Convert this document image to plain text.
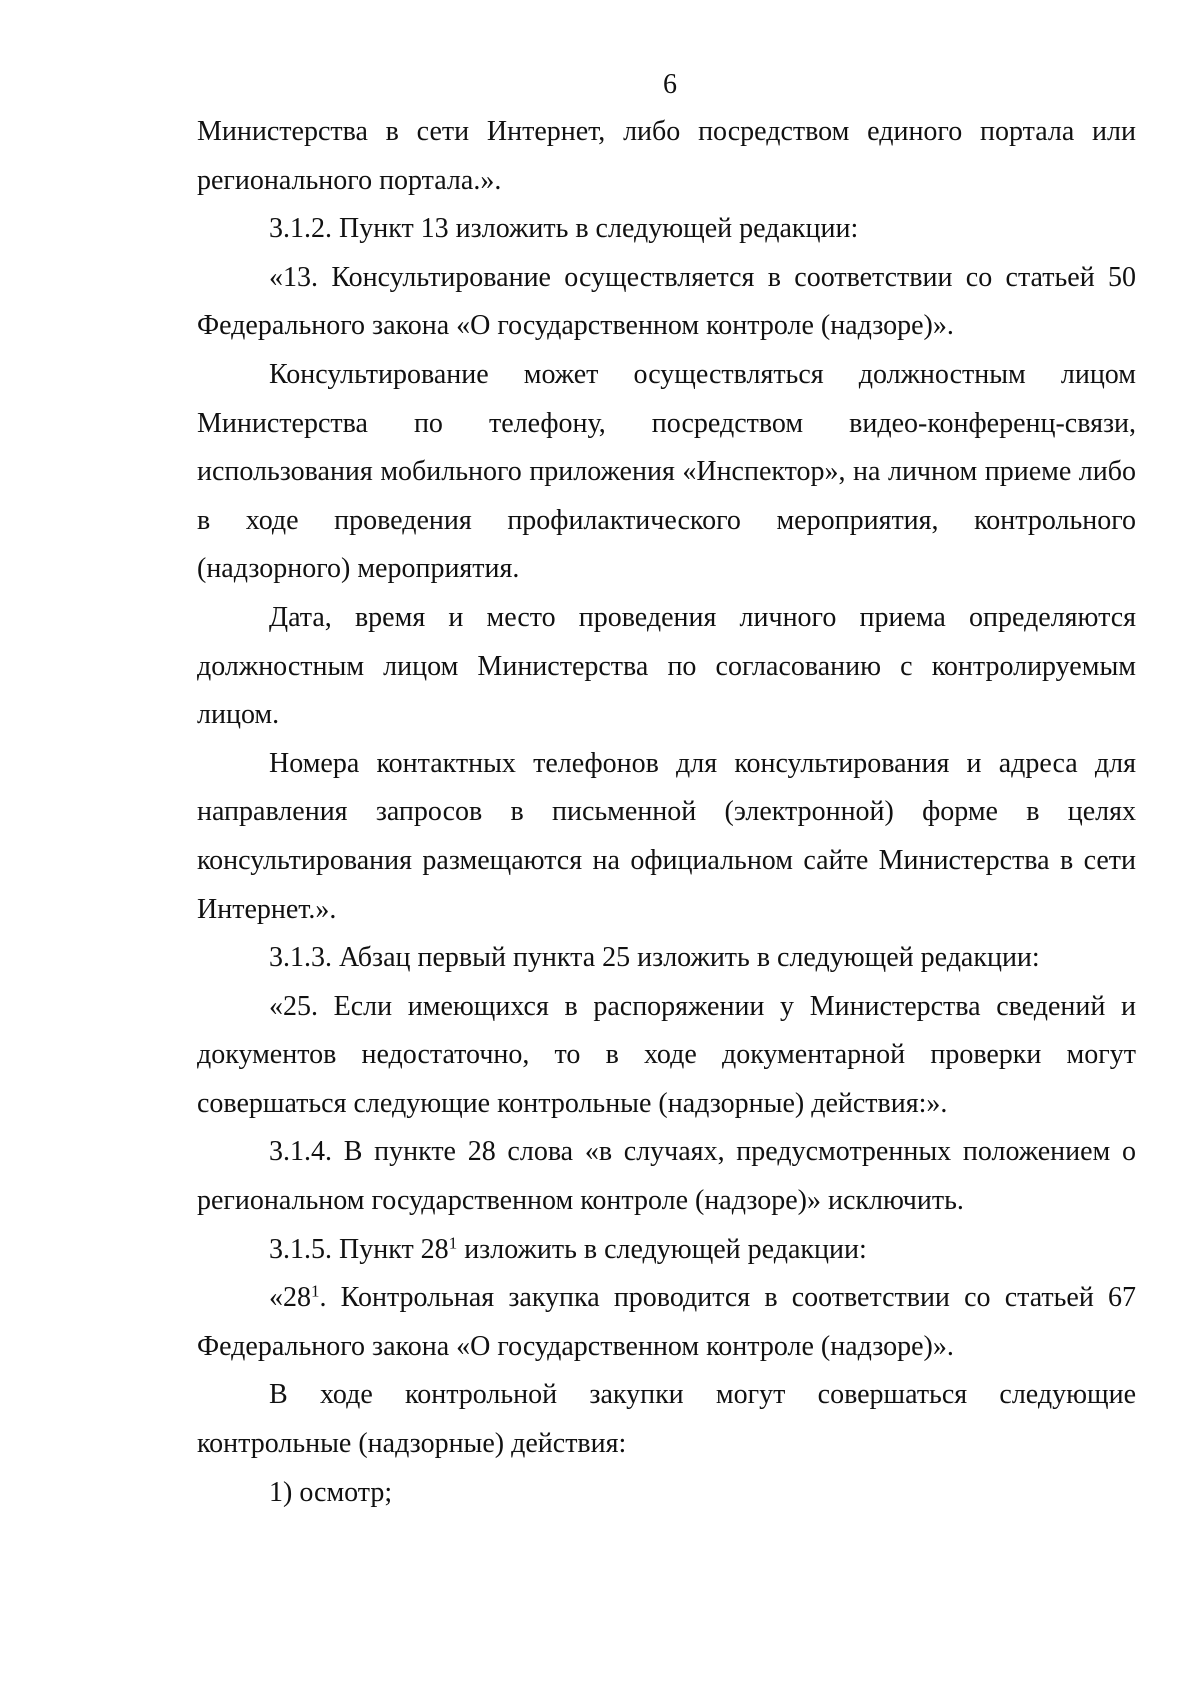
6

Министерства в сети Интернет, либо посредством единого портала или регионального портала.».

3.1.2. Пункт 13 изложить в следующей редакции:

«13. Консультирование осуществляется в соответствии со статьей 50 Федерального закона «О государственном контроле (надзоре)».

Консультирование может осуществляться должностным лицом Министерства по телефону, посредством видео-конференц-связи, использования мобильного приложения «Инспектор», на личном приеме либо в ходе проведения профилактического мероприятия, контрольного (надзорного) мероприятия.

Дата, время и место проведения личного приема определяются должностным лицом Министерства по согласованию с контролируемым лицом.

Номера контактных телефонов для консультирования и адреса для направления запросов в письменной (электронной) форме в целях консультирования размещаются на официальном сайте Министерства в сети Интернет.».

3.1.3. Абзац первый пункта 25 изложить в следующей редакции:

«25. Если имеющихся в распоряжении у Министерства сведений и документов недостаточно, то в ходе документарной проверки могут совершаться следующие контрольные (надзорные) действия:».

3.1.4. В пункте 28 слова «в случаях, предусмотренных положением о региональном государственном контроле (надзоре)» исключить.

3.1.5. Пункт $28^1$ изложить в следующей редакции:

«$28^1$. Контрольная закупка проводится в соответствии со статьей 67 Федерального закона «О государственном контроле (надзоре)».

В ходе контрольной закупки могут совершаться следующие контрольные (надзорные) действия:

1) осмотр;
